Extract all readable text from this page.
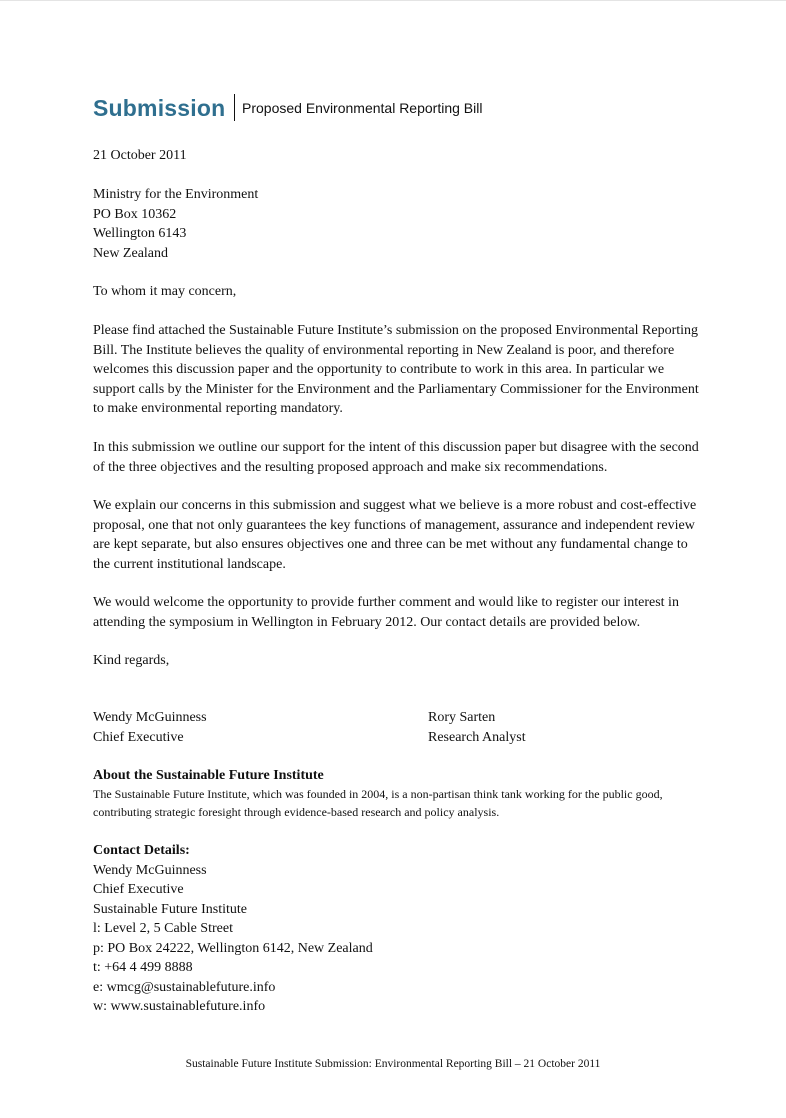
Submission Proposed Environmental Reporting Bill
21 October 2011
Ministry for the Environment
PO Box 10362
Wellington 6143
New Zealand
To whom it may concern,
Please find attached the Sustainable Future Institute’s submission on the proposed Environmental Reporting Bill. The Institute believes the quality of environmental reporting in New Zealand is poor, and therefore welcomes this discussion paper and the opportunity to contribute to work in this area. In particular we support calls by the Minister for the Environment and the Parliamentary Commissioner for the Environment to make environmental reporting mandatory.
In this submission we outline our support for the intent of this discussion paper but disagree with the second of the three objectives and the resulting proposed approach and make six recommendations.
We explain our concerns in this submission and suggest what we believe is a more robust and cost-effective proposal, one that not only guarantees the key functions of management, assurance and independent review are kept separate, but also ensures objectives one and three can be met without any fundamental change to the current institutional landscape.
We would welcome the opportunity to provide further comment and would like to register our interest in attending the symposium in Wellington in February 2012. Our contact details are provided below.
Kind regards,
Wendy McGuinness
Chief Executive
Rory Sarten
Research Analyst
About the Sustainable Future Institute
The Sustainable Future Institute, which was founded in 2004, is a non-partisan think tank working for the public good, contributing strategic foresight through evidence-based research and policy analysis.
Contact Details:
Wendy McGuinness
Chief Executive
Sustainable Future Institute
l: Level 2, 5 Cable Street
p: PO Box 24222, Wellington 6142, New Zealand
t: +64 4 499 8888
e: wmcg@sustainablefuture.info
w: www.sustainablefuture.info
Sustainable Future Institute Submission: Environmental Reporting Bill – 21 October 2011
